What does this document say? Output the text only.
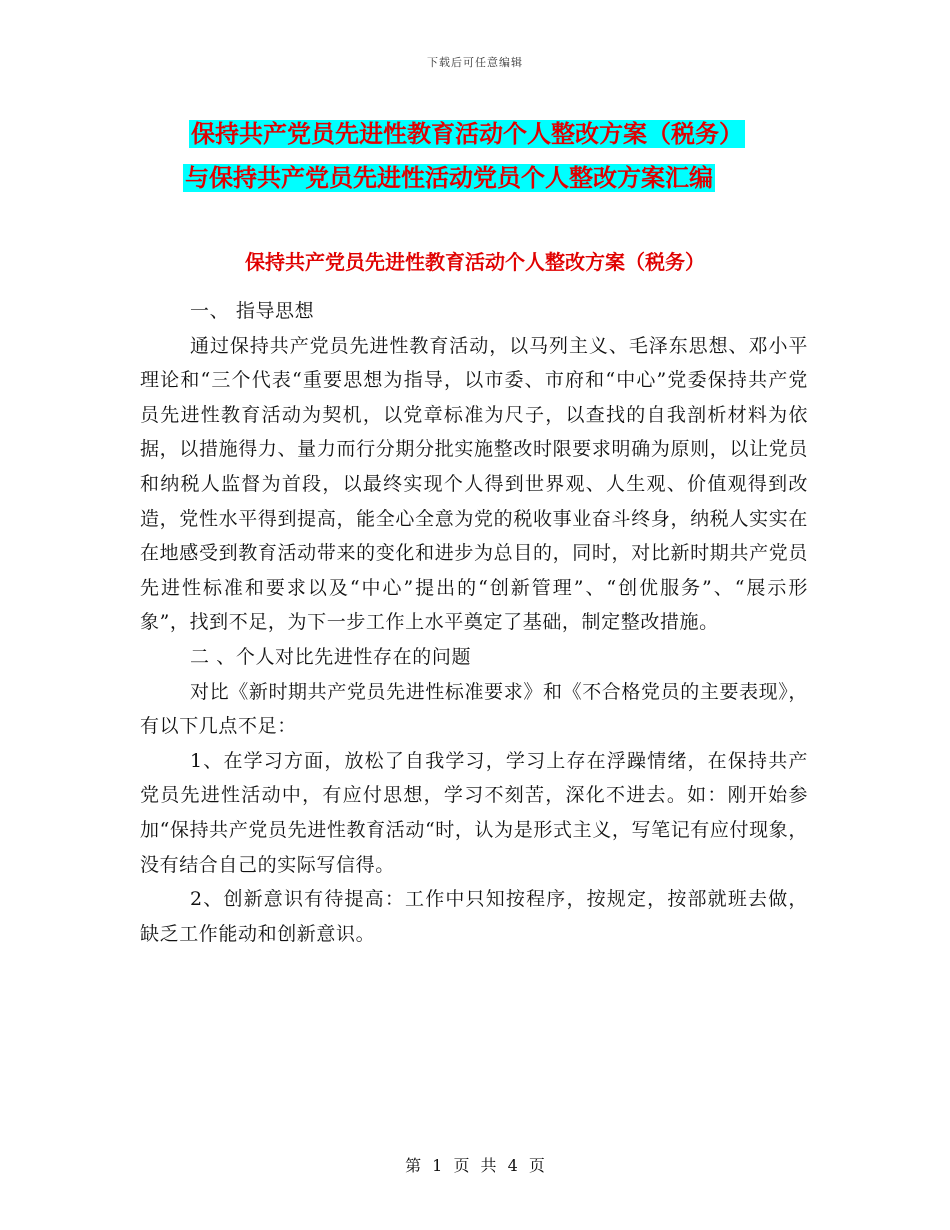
下载后可任意编辑
保持共产党员先进性教育活动个人整改方案（税务）
与保持共产党员先进性活动党员个人整改方案汇编
保持共产党员先进性教育活动个人整改方案（税务）

一、 指导思想

通过保持共产党员先进性教育活动，以马列主义、毛泽东思想、邓小平理论和“三个代表“重要思想为指导，以市委、市府和“中心”党委保持共产党员先进性教育活动为契机，以党章标准为尺子，以查找的自我剖析材料为依据，以措施得力、量力而行分期分批实施整改时限要求明确为原则，以让党员和纳税人监督为首段，以最终实现个人得到世界观、人生观、价值观得到改造，党性水平得到提高，能全心全意为党的税收事业奋斗终身，纳税人实实在在地感受到教育活动带来的变化和进步为总目的，同时，对比新时期共产党员先进性标准和要求以及“中心”提出的“创新管理”、“创优服务”、“展示形象”，找到不足，为下一步工作上水平奠定了基础，制定整改措施。

二 、个人对比先进性存在的问题

对比《新时期共产党员先进性标准要求》和《不合格党员的主要表现》，有以下几点不足：

1、在学习方面，放松了自我学习，学习上存在浮躁情绪，在保持共产党员先进性活动中，有应付思想，学习不刻苦，深化不进去。如：刚开始参加“保持共产党员先进性教育活动“时，认为是形式主义，写笔记有应付现象，没有结合自己的实际写信得。

2、创新意识有待提高：工作中只知按程序，按规定，按部就班去做，缺乏工作能动和创新意识。

第 1 页 共 4 页
